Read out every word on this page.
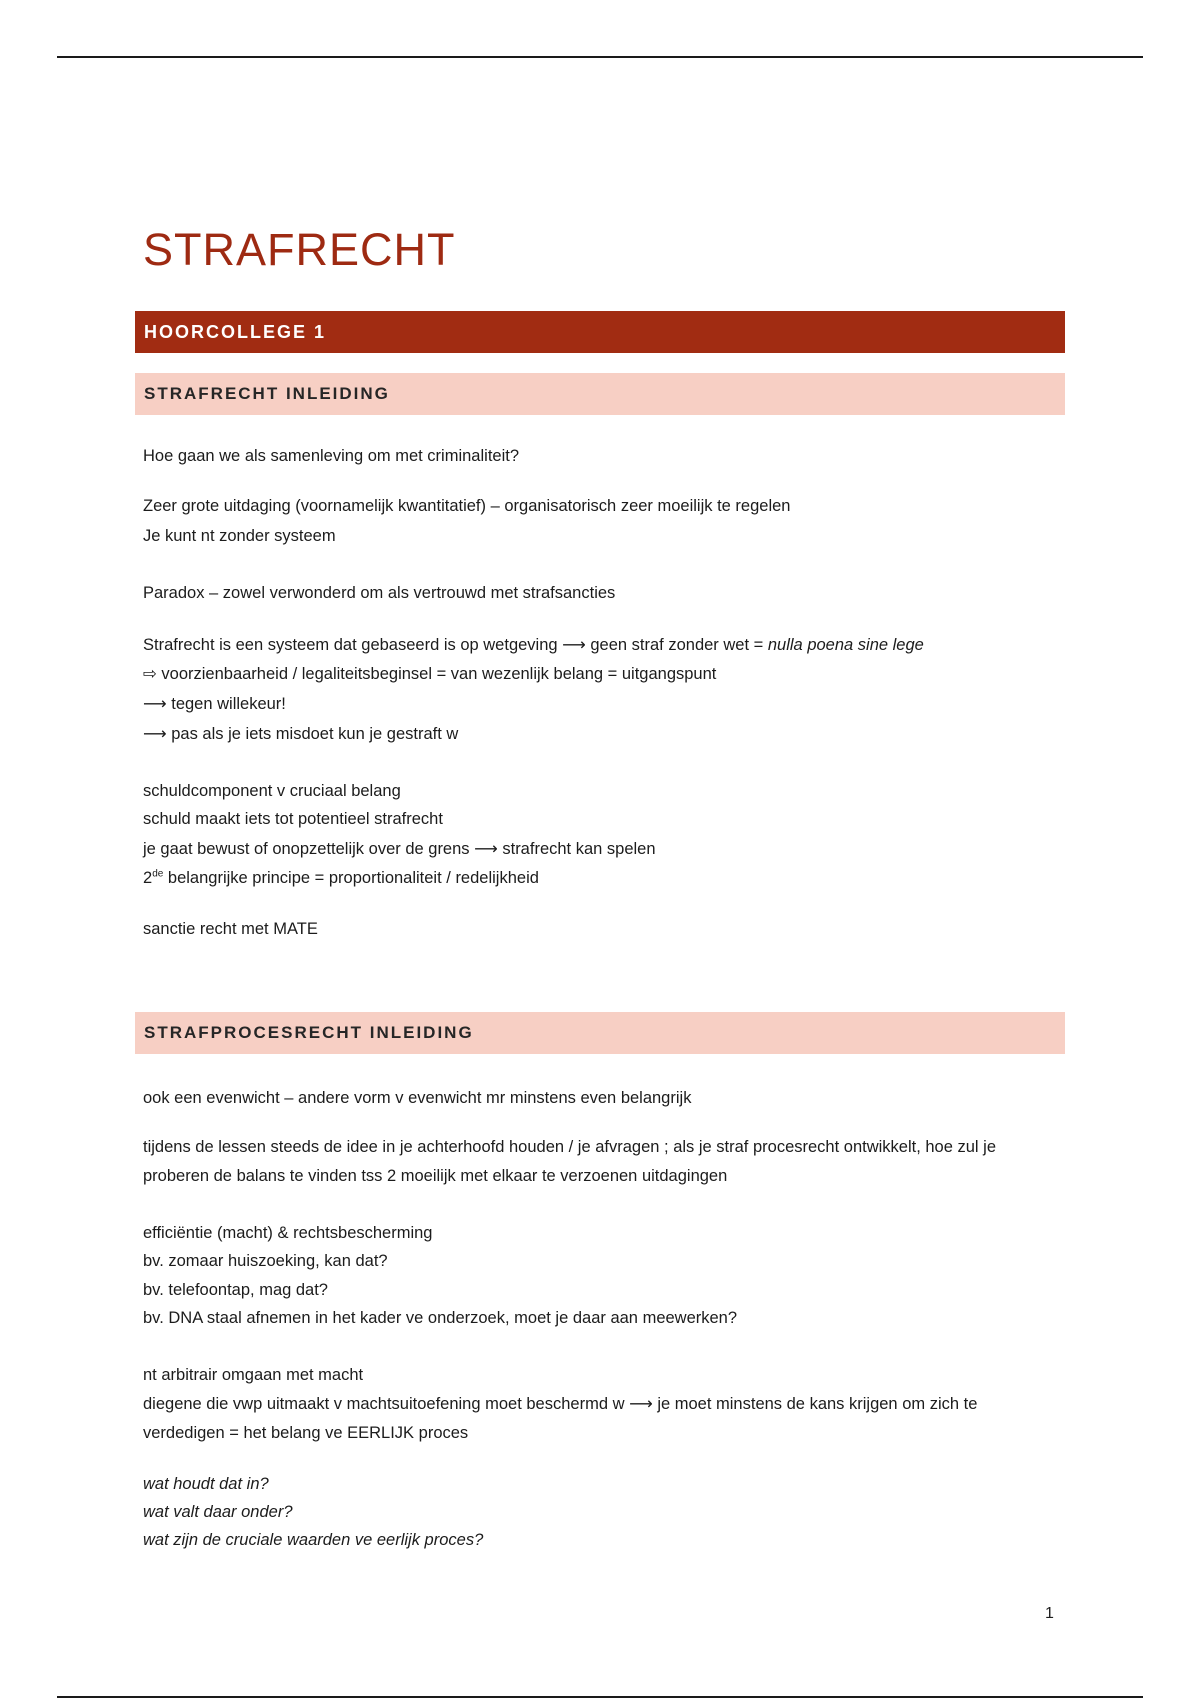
STRAFRECHT
HOORCOLLEGE 1
STRAFRECHT INLEIDING
Hoe gaan we als samenleving om met criminaliteit?
Zeer grote uitdaging (voornamelijk kwantitatief) – organisatorisch zeer moeilijk te regelen
Je kunt nt zonder systeem
Paradox – zowel verwonderd om als vertrouwd met strafsancties
Strafrecht is een systeem dat gebaseerd is op wetgeving ⟶ geen straf zonder wet = nulla poena sine lege
⇨ voorzienbaarheid / legaliteitsbeginsel = van wezenlijk belang = uitgangspunt
⟶ tegen willekeur!
⟶ pas als je iets misdoet kun je gestraft w
schuldcomponent v cruciaal belang
schuld maakt iets tot potentieel strafrecht
je gaat bewust of onopzettelijk over de grens ⟶ strafrecht kan spelen
2de belangrijke principe = proportionaliteit / redelijkheid
sanctie recht met MATE
STRAFPROCESRECHT INLEIDING
ook een evenwicht – andere vorm v evenwicht mr minstens even belangrijk
tijdens de lessen steeds de idee in je achterhoofd houden / je afvragen ; als je straf procesrecht ontwikkelt, hoe zul je proberen de balans te vinden tss 2 moeilijk met elkaar te verzoenen uitdagingen
efficiëntie (macht) & rechtsbescherming
bv. zomaar huiszoeking, kan dat?
bv. telefoontap, mag dat?
bv. DNA staal afnemen in het kader ve onderzoek, moet je daar aan meewerken?
nt arbitrair omgaan met macht
diegene die vwp uitmaakt v machtsuitoefening moet beschermd w ⟶ je moet minstens de kans krijgen om zich te verdedigen = het belang ve EERLIJK proces
wat houdt dat in?
wat valt daar onder?
wat zijn de cruciale waarden ve eerlijk proces?
1
